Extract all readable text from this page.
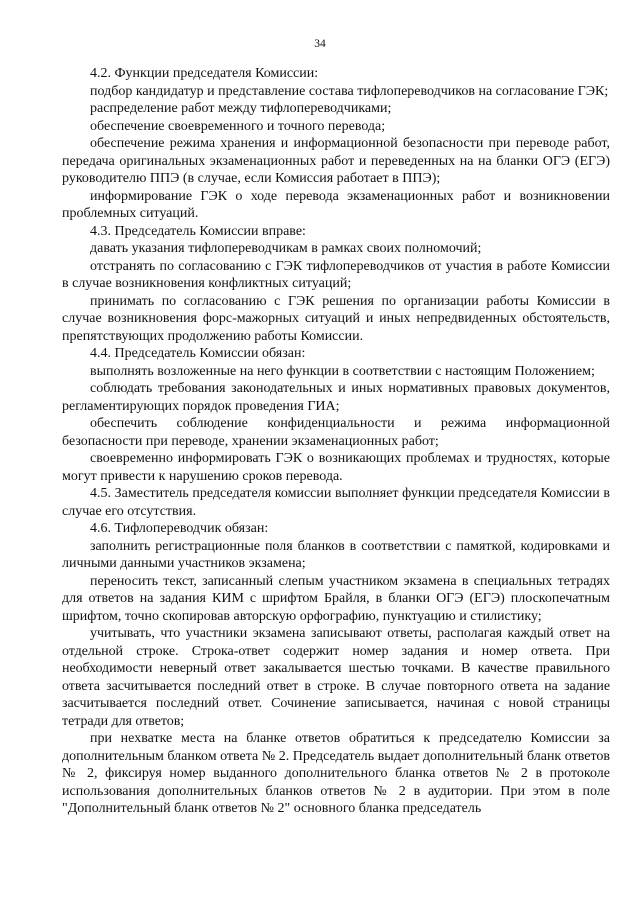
34

4.2. Функции председателя Комиссии:

подбор кандидатур и представление состава тифлопереводчиков на согласование ГЭК;

распределение работ между тифлопереводчиками;

обеспечение своевременного и точного перевода;

обеспечение режима хранения и информационной безопасности при переводе работ, передача оригинальных экзаменационных работ и переведенных на на бланки ОГЭ (ЕГЭ) руководителю ППЭ (в случае, если Комиссия работает в ППЭ);

информирование ГЭК о ходе перевода экзаменационных работ и возникновении проблемных ситуаций.

4.3. Председатель Комиссии вправе:

давать указания тифлопереводчикам в рамках своих полномочий;

отстранять по согласованию с ГЭК тифлопереводчиков от участия в работе Комиссии в случае возникновения конфликтных ситуаций;

принимать по согласованию с ГЭК решения по организации работы Комиссии в случае возникновения форс-мажорных ситуаций и иных непредвиденных обстоятельств, препятствующих продолжению работы Комиссии.

4.4. Председатель Комиссии обязан:

выполнять возложенные на него функции в соответствии с настоящим Положением;

соблюдать требования законодательных и иных нормативных правовых документов, регламентирующих порядок проведения ГИА;

обеспечить соблюдение конфиденциальности и режима информационной безопасности при переводе, хранении экзаменационных работ;

своевременно информировать ГЭК о возникающих проблемах и трудностях, которые могут привести к нарушению сроков перевода.

4.5. Заместитель председателя комиссии выполняет функции председателя Комиссии в случае его отсутствия.

4.6. Тифлопереводчик обязан:

заполнить регистрационные поля бланков в соответствии с памяткой, кодировками и личными данными участников экзамена;

переносить текст, записанный слепым участником экзамена в специальных тетрадях для ответов на задания КИМ с шрифтом Брайля, в бланки ОГЭ (ЕГЭ) плоскопечатным шрифтом, точно скопировав авторскую орфографию, пунктуацию и стилистику;

учитывать, что участники экзамена записывают ответы, располагая каждый ответ на отдельной строке. Строка-ответ содержит номер задания и номер ответа. При необходимости неверный ответ закалывается шестью точками. В качестве правильного ответа засчитывается последний ответ в строке. В случае повторного ответа на задание засчитывается последний ответ. Сочинение записывается, начиная с новой страницы тетради для ответов;

при нехватке места на бланке ответов обратиться к председателю Комиссии за дополнительным бланком ответа № 2. Председатель выдает дополнительный бланк ответов № 2, фиксируя номер выданного дополнительного бланка ответов № 2 в протоколе использования дополнительных бланков ответов № 2 в аудитории. При этом в поле "Дополнительный бланк ответов № 2" основного бланка председатель
